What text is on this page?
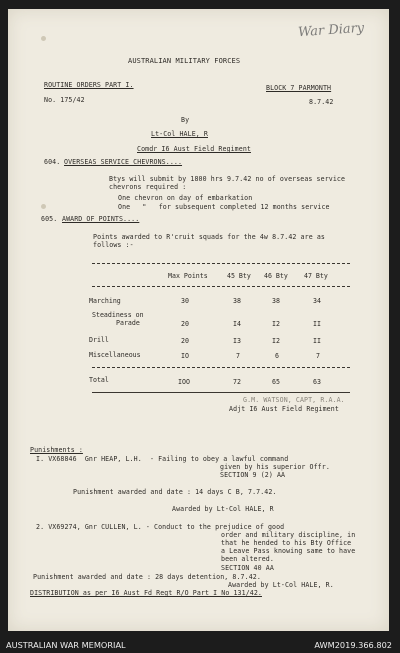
War Diary
AUSTRALIAN MILITARY FORCES
ROUTINE ORDERS PART I.	BLOCK 7 PARMONTH
No. 175/42	8.7.42
By
Lt-Col HALE, R
Comdr I6 Aust Field Regiment
604. OVERSEAS SERVICE CHEVRONS....
Btys will submit by 1800 hrs 9.7.42 no of overseas service
chevrons required :
One chevron on day of embarkation
One   "   for subsequent completed 12 months service
605. AWARD OF POINTS....
Points awarded to R'cruit squads for the 4w 8.7.42 are as
follows :-
Max Points	45 Bty 46 Bty 47 Bty
Marching	30	38	38	34
Steadiness on
Parade	20	I4	I2	II
Drill	20	I3	I2	II
Miscellaneous	IO	7	6	7
Total	IOO	72	65	63
G.M. WATSON, CAPT, R.A.A.
Adjt I6 Aust Field Regiment
Punishments :
I. VX68846  Gnr HEAP, L.H.  - Failing to obey a lawful command
given by his superior Offr.
SECTION 9 (2) AA
Punishment awarded and date : 14 days C B, 7.7.42.
Awarded by Lt-Col HALE, R
2. VX69274, Gnr CULLEN, L. - Conduct to the prejudice of good
order and military discipline, in
that he hended to his Bty Office
a Leave Pass knowing same to have
been altered.
SECTION 40 AA
Punishment awarded and date : 28 days detention, 8.7.42.
Awarded by Lt-Col HALE, R.
DISTRIBUTION as per I6 Aust Fd Regt R/O Part I No 131/42.
AUSTRALIAN WAR MEMORIAL	AWM2019.366.802
